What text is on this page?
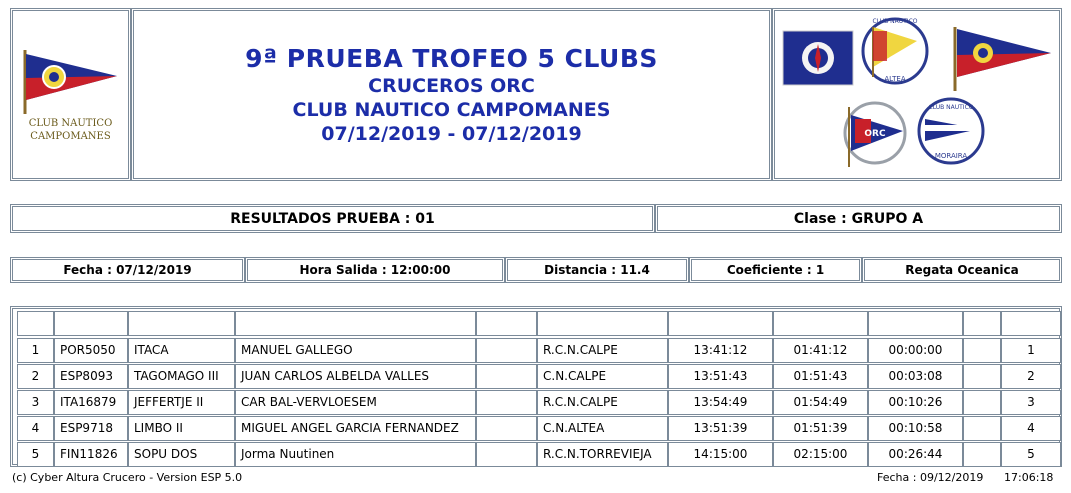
CLUB NAUTICO
CAMPOMANES
9ª PRUEBA TROFEO 5 CLUBS
CRUCEROS ORC
CLUB NAUTICO CAMPOMANES
07/12/2019 - 07/12/2019
CLUB NAUTICO
ALTEA
ORC
CLUB NAUTICO
MORAIRA
RESULTADOS PRUEBA : 01	Clase : GRUPO A
Fecha : 07/12/2019	Hora Salida : 12:00:00	Distancia : 11.4	Coeficiente : 1	Regata Oceanica
1	POR5050	ITACA	MANUEL GALLEGO	R.C.N.CALPE	13:41:12	01:41:12	00:00:00	1
2	ESP8093	TAGOMAGO III	JUAN CARLOS ALBELDA VALLES	C.N.CALPE	13:51:43	01:51:43	00:03:08	2
3	ITA16879	JEFFERTJE II	CAR BAL-VERVLOESEM	R.C.N.CALPE	13:54:49	01:54:49	00:10:26	3
4	ESP9718	LIMBO II	MIGUEL ANGEL GARCIA FERNANDEZ	C.N.ALTEA	13:51:39	01:51:39	00:10:58	4
5	FIN11826	SOPU DOS	Jorma Nuutinen	R.C.N.TORREVIEJA	14:15:00	02:15:00	00:26:44	5
(c) Cyber Altura Crucero - Version ESP 5.0	Fecha : 09/12/2019 17:06:18
